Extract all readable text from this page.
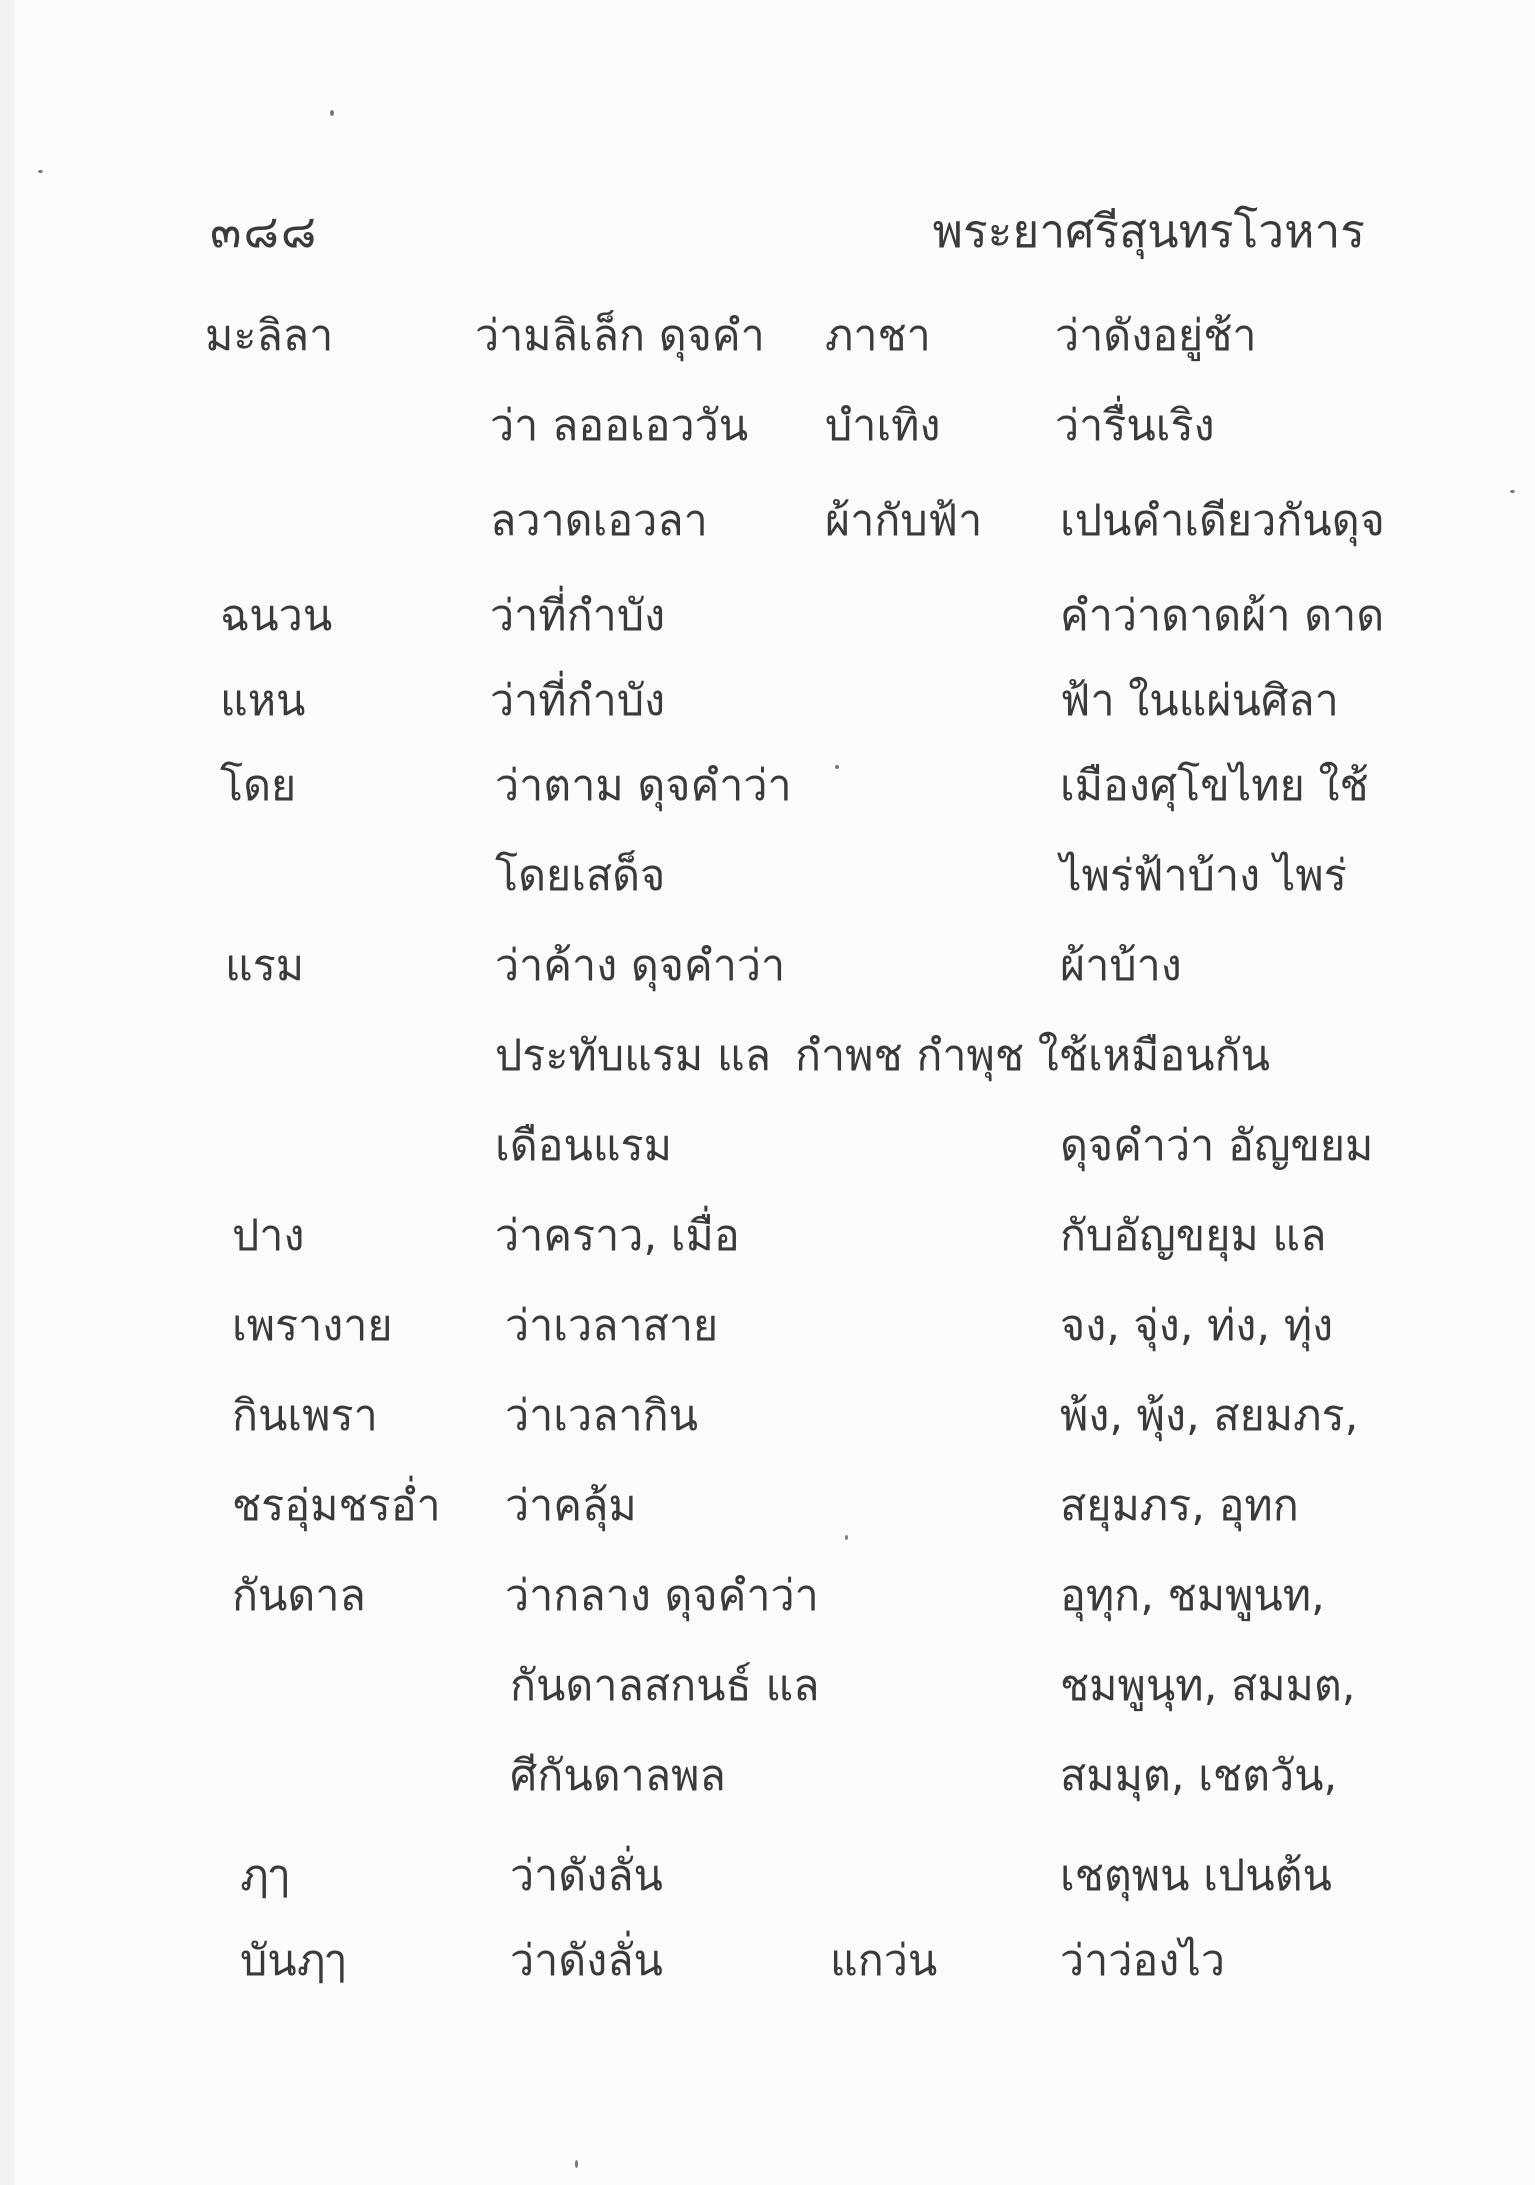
๓๘๘	พระยาศรีสุนทรโวหาร
มะลิลา
ฉนวน
แหน
โดย
แรม
ปาง
เพรางาย
กินเพรา
ชรอุ่มชรอ่ำ
กันดาล
ฦๅ
บันฦๅ
ว่ามลิเล็ก ดุจคำ
ว่า ลออเอววัน
ลวาดเอวลา
ว่าที่กำบัง
ว่าที่กำบัง
ว่าตาม ดุจคำว่า
โดยเสด็จ
ว่าค้าง ดุจคำว่า
ประทับแรม แล
เดือนแรม
ว่าคราว, เมื่อ
ว่าเวลาสาย
ว่าเวลากิน
ว่าคลุ้ม
ว่ากลาง ดุจคำว่า
กันดาลสกนธ์ แล
ศีกันดาลพล
ว่าดังลั่น
ว่าดังลั่น
ภาชา
บำเทิง
ผ้ากับฟ้า
แกว่น
ว่าดังอยู่ช้า
ว่ารื่นเริง
เปนคำเดียวกันดุจ
คำว่าดาดผ้า ดาด
ฟ้า ในแผ่นศิลา
เมืองศุโขไทย ใช้
ไพร่ฟ้าบ้าง ไพร่
ผ้าบ้าง
กำพช กำพุช ใช้เหมือนกัน
ดุจคำว่า อัญขยม
กับอัญขยุม แล
จง, จุ่ง, ท่ง, ทุ่ง
พ้ง, พุ้ง, สยมภร,
สยุมภร, อุทก
อุทุก, ชมพูนท,
ชมพูนุท, สมมต,
สมมุต, เชตวัน,
เชตุพน เปนต้น
ว่าว่องไว
